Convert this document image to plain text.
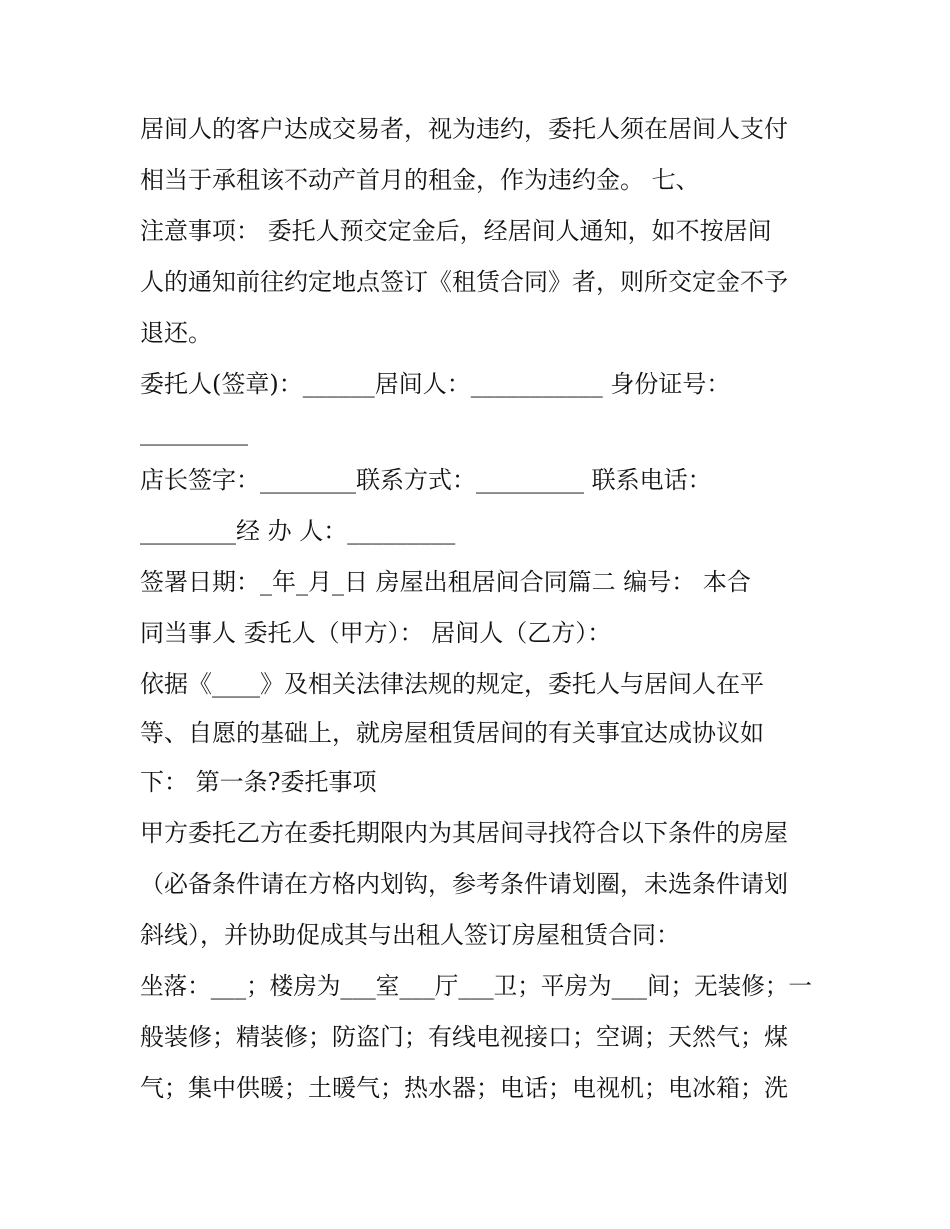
居间人的客户达成交易者，视为违约，委托人须在居间人支付
相当于承租该不动产首月的租金，作为违约金。 七、
注意事项： 委托人预交定金后，经居间人通知，如不按居间
人的通知前往约定地点签订《租赁合同》者，则所交定金不予
退还。
委托人(签章)：______居间人：___________ 身份证号：
_________
店长签字：________联系方式：_________ 联系电话：
________经 办 人：_________
签署日期：_年_月_日 房屋出租居间合同篇二 编号： 本合
同当事人 委托人（甲方）： 居间人（乙方）：
依据《____》及相关法律法规的规定，委托人与居间人在平
等、自愿的基础上，就房屋租赁居间的有关事宜达成协议如
下： 第一条?委托事项
甲方委托乙方在委托期限内为其居间寻找符合以下条件的房屋
（必备条件请在方格内划钩，参考条件请划圈，未选条件请划
斜线），并协助促成其与出租人签订房屋租赁合同：
坐落：___；楼房为___室___厅___卫；平房为___间；无装修；一
般装修；精装修；防盗门；有线电视接口；空调；天然气；煤
气；集中供暖；土暖气；热水器；电话；电视机；电冰箱；洗
